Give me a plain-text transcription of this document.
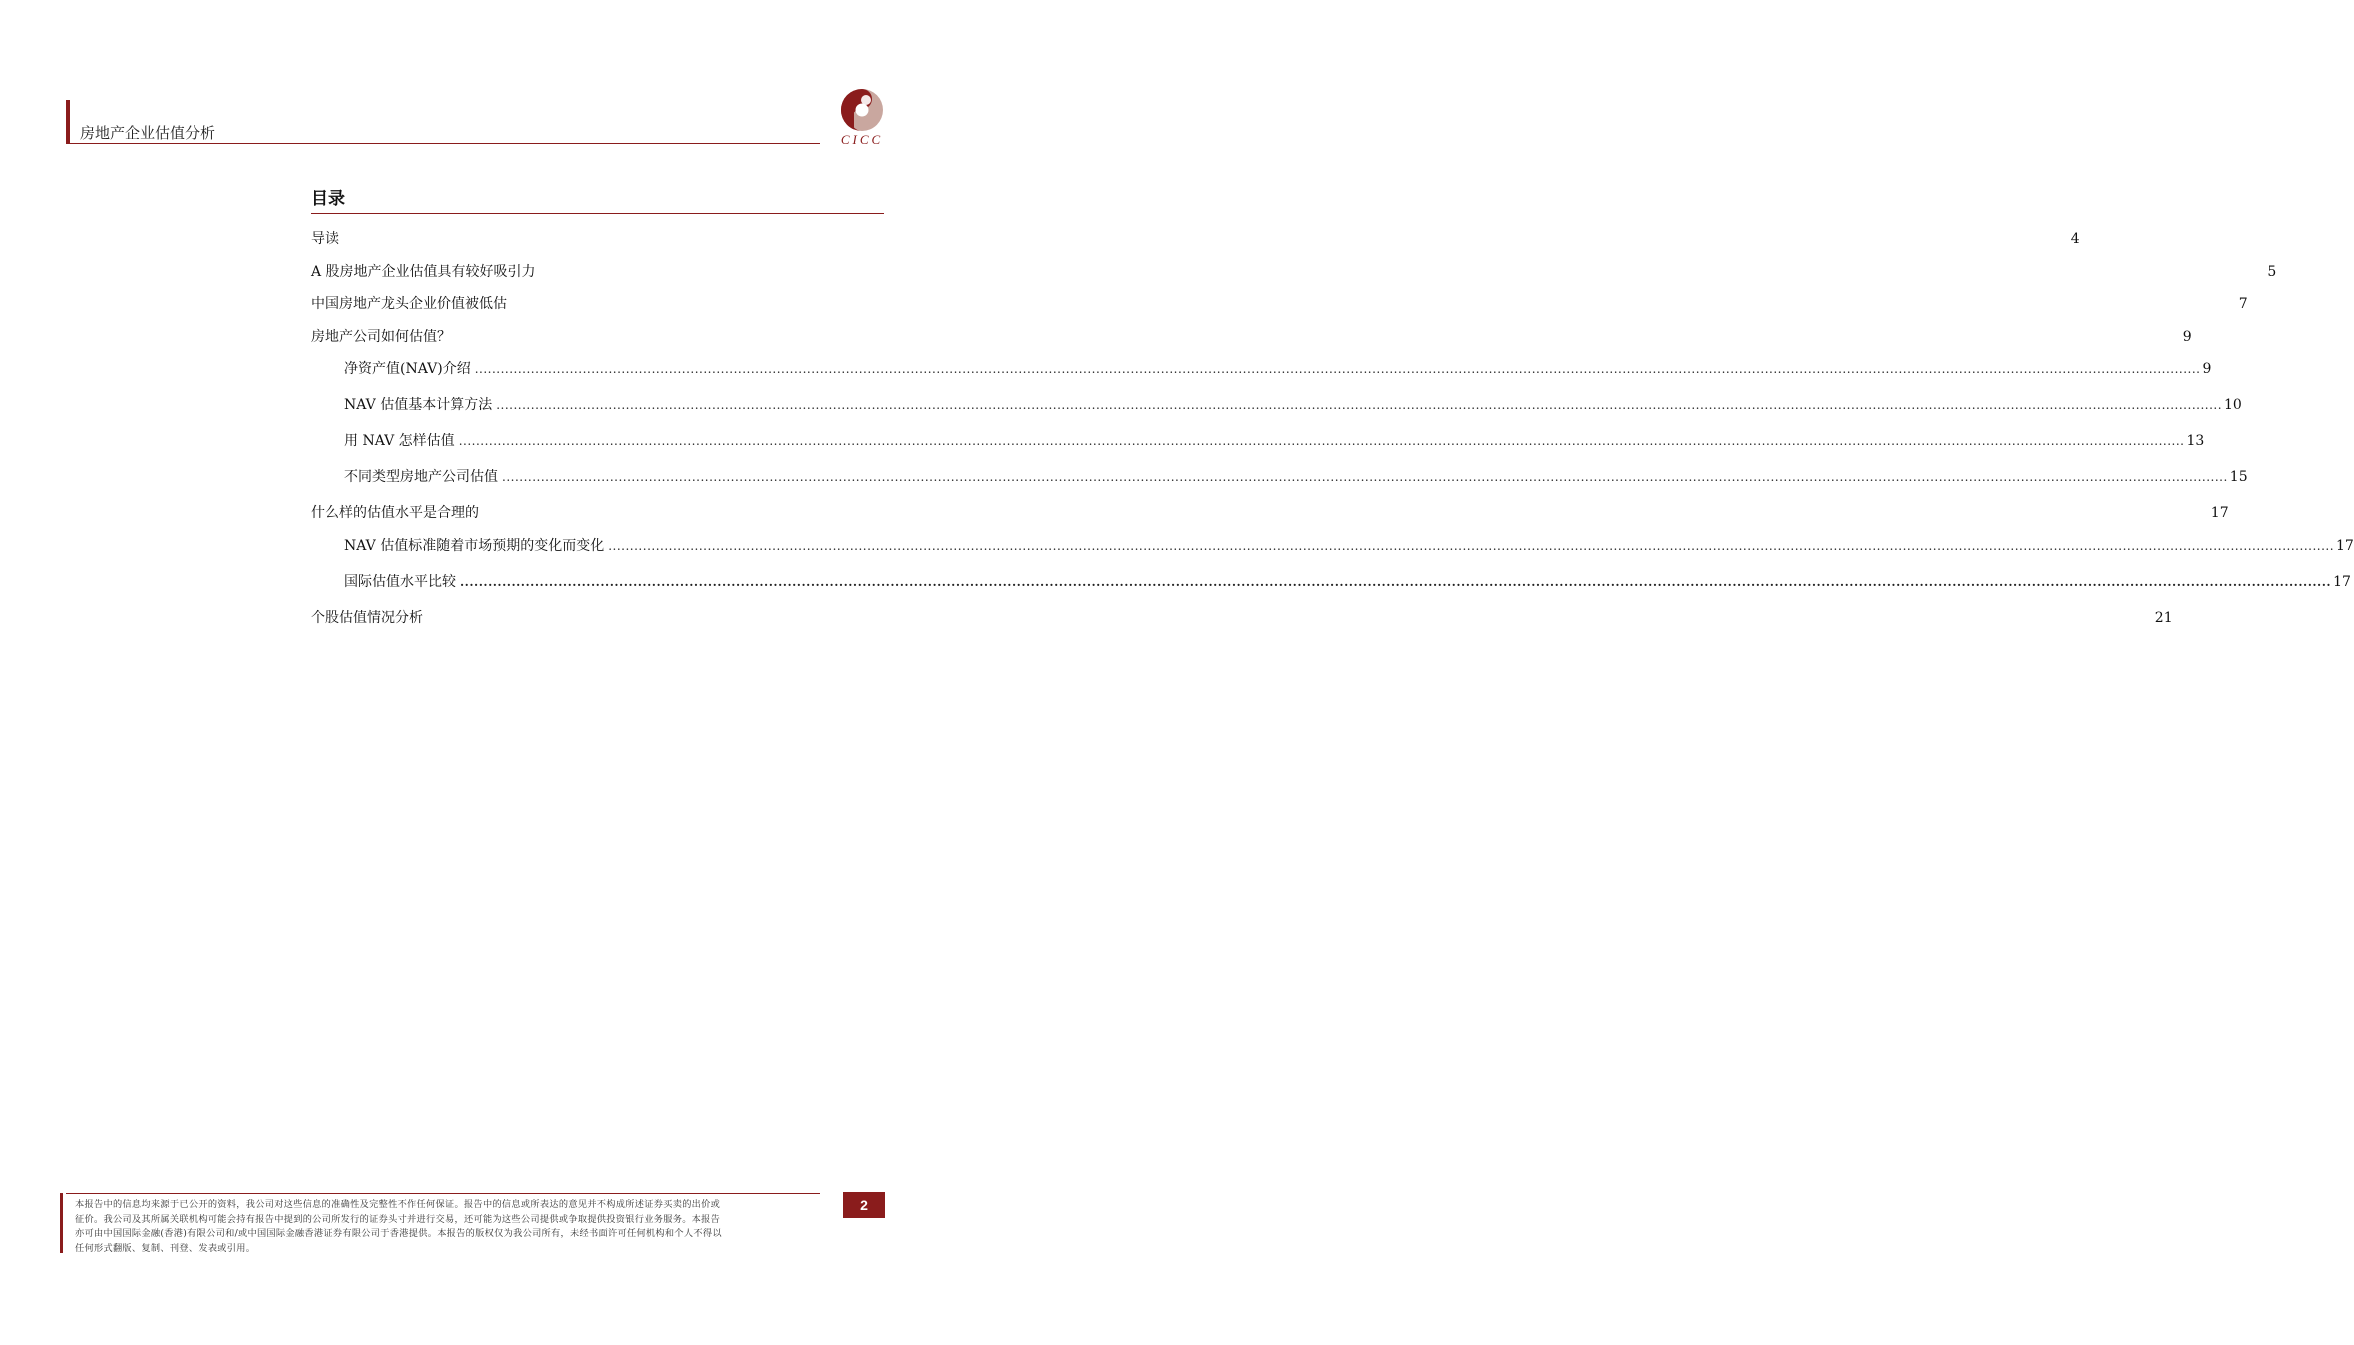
房地产企业估值分析	CICC
目录
导读	4
A 股房地产企业估值具有较好吸引力	5
中国房地产龙头企业价值被低估	7
房地产公司如何估值？	9
净资产值(NAV)介绍 ................................................................................................................................................................................................................................................................................................................................................................................................................ 9
NAV 估值基本计算方法 ................................................................................................................................................................................................................................................................................................................................................................................................................ 10
用 NAV 怎样估值 ................................................................................................................................................................................................................................................................................................................................................................................................................ 13
不同类型房地产公司估值 ................................................................................................................................................................................................................................................................................................................................................................................................................ 15
什么样的估值水平是合理的	17
NAV 估值标准随着市场预期的变化而变化 ................................................................................................................................................................................................................................................................................................................................................................................................................ 17
国际估值水平比较 ................................................................................................................................................................................................................................................................................................................................................................................................................ 17
个股估值情况分析	21
本报告中的信息均来源于已公开的资料，我公司对这些信息的准确性及完整性不作任何保证。报告中的信息或所表达的意见并不构成所述证券买卖的出价或
征价。我公司及其所属关联机构可能会持有报告中提到的公司所发行的证券头寸并进行交易，还可能为这些公司提供或争取提供投资银行业务服务。本报告
亦可由中国国际金融(香港)有限公司和/或中国国际金融香港证券有限公司于香港提供。本报告的版权仅为我公司所有，未经书面许可任何机构和个人不得以
任何形式翻版、复制、刊登、发表或引用。
2
